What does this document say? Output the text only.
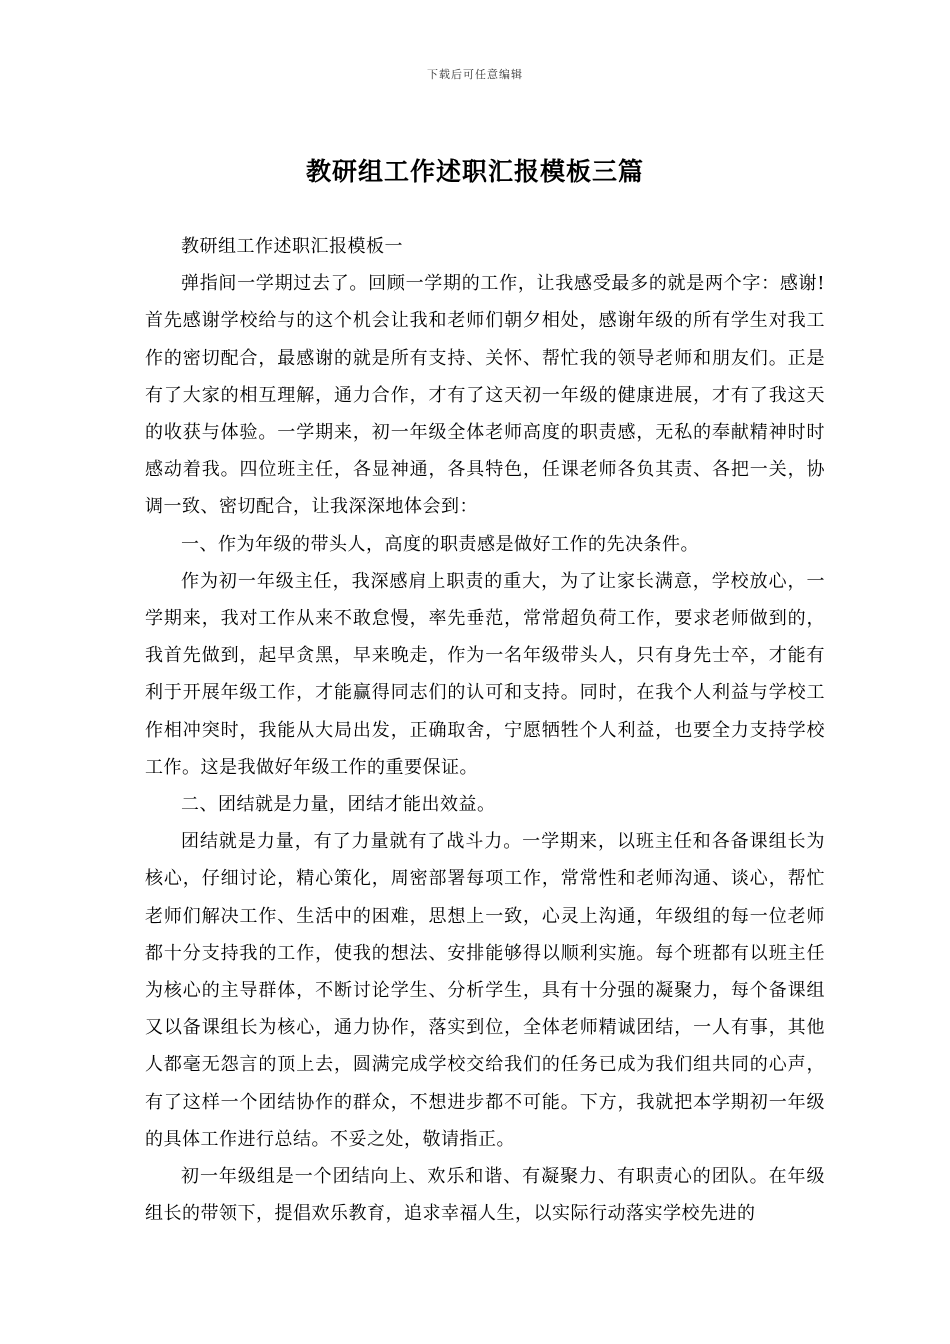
下载后可任意编辑
教研组工作述职汇报模板三篇

教研组工作述职汇报模板一

弹指间一学期过去了。回顾一学期的工作，让我感受最多的就是两个字：感谢!首先感谢学校给与的这个机会让我和老师们朝夕相处，感谢年级的所有学生对我工作的密切配合，最感谢的就是所有支持、关怀、帮忙我的领导老师和朋友们。正是有了大家的相互理解，通力合作，才有了这天初一年级的健康进展，才有了我这天的收获与体验。一学期来，初一年级全体老师高度的职责感，无私的奉献精神时时感动着我。四位班主任，各显神通，各具特色，任课老师各负其责、各把一关，协调一致、密切配合，让我深深地体会到：

一、作为年级的带头人，高度的职责感是做好工作的先决条件。

作为初一年级主任，我深感肩上职责的重大，为了让家长满意，学校放心，一学期来，我对工作从来不敢怠慢，率先垂范，常常超负荷工作，要求老师做到的，我首先做到，起早贪黑，早来晚走，作为一名年级带头人，只有身先士卒，才能有利于开展年级工作，才能赢得同志们的认可和支持。同时，在我个人利益与学校工作相冲突时，我能从大局出发，正确取舍，宁愿牺牲个人利益，也要全力支持学校工作。这是我做好年级工作的重要保证。

二、团结就是力量，团结才能出效益。

团结就是力量，有了力量就有了战斗力。一学期来，以班主任和各备课组长为核心，仔细讨论，精心策化，周密部署每项工作，常常性和老师沟通、谈心，帮忙老师们解决工作、生活中的困难，思想上一致，心灵上沟通，年级组的每一位老师都十分支持我的工作，使我的想法、安排能够得以顺利实施。每个班都有以班主任为核心的主导群体，不断讨论学生、分析学生，具有十分强的凝聚力，每个备课组又以备课组长为核心，通力协作，落实到位，全体老师精诚团结，一人有事，其他人都毫无怨言的顶上去，圆满完成学校交给我们的任务已成为我们组共同的心声，有了这样一个团结协作的群众，不想进步都不可能。下方，我就把本学期初一年级的具体工作进行总结。不妥之处，敬请指正。

初一年级组是一个团结向上、欢乐和谐、有凝聚力、有职责心的团队。在年级组长的带领下，提倡欢乐教育，追求幸福人生，以实际行动落实学校先进的
